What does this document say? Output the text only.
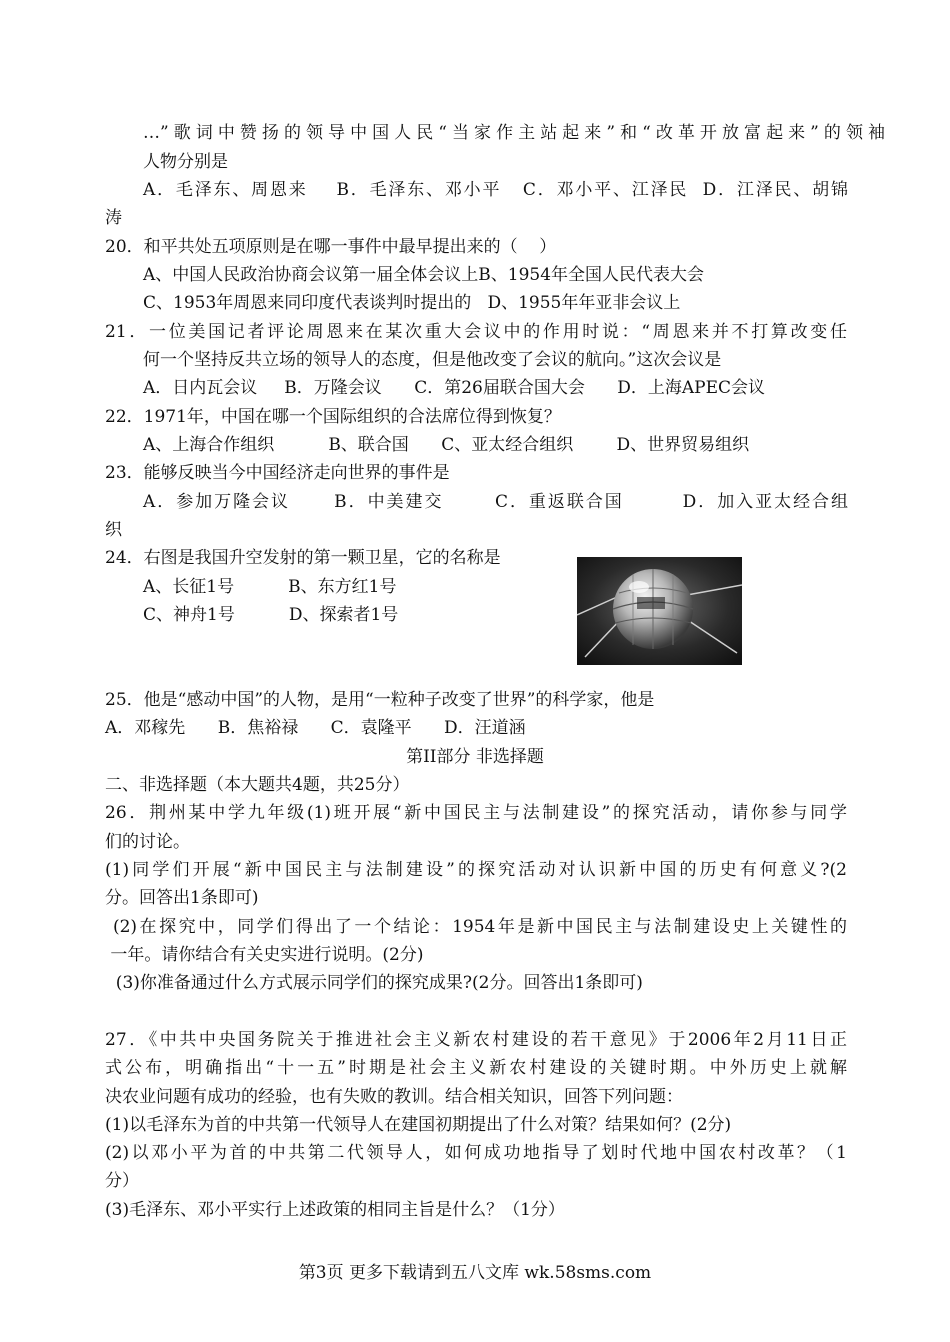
…”歌词中赞扬的领导中国人民“当家作主站起来”和“改革开放富起来”的领袖
人物分别是
A．毛泽东、周恩来    B．毛泽东、邓小平   C．邓小平、江泽民  D．江泽民、胡锦
涛
20．和平共处五项原则是在哪一事件中最早提出来的（    ）
A、中国人民政治协商会议第一届全体会议上B、1954年全国人民代表大会
C、1953年周恩来同印度代表谈判时提出的   D、1955年年亚非会议上
21．一位美国记者评论周恩来在某次重大会议中的作用时说：“周恩来并不打算改变任
何一个坚持反共立场的领导人的态度，但是他改变了会议的航向。”这次会议是
A．日内瓦会议     B．万隆会议      C．第26届联合国大会      D．上海APEC会议
22．1971年，中国在哪一个国际组织的合法席位得到恢复？
A、上海合作组织          B、联合国      C、亚太经合组织        D、世界贸易组织
23．能够反映当今中国经济走向世界的事件是
A．参加万隆会议      B．中美建交       C．重返联合国        D．加入亚太经合组
织
24．右图是我国升空发射的第一颗卫星，它的名称是
A、长征1号          B、东方红1号
C、神舟1号          D、探索者1号
25．他是“感动中国”的人物，是用“一粒种子改变了世界”的科学家，他是
A．邓稼先      B．焦裕禄      C．袁隆平      D．汪道涵
第II部分 非选择题
二、非选择题（本大题共4题，共25分）
26．荆州某中学九年级(1)班开展“新中国民主与法制建设”的探究活动，请你参与同学
们的讨论。
(1)同学们开展“新中国民主与法制建设”的探究活动对认识新中国的历史有何意义?(2
分。回答出1条即可)
(2)在探究中，同学们得出了一个结论：1954年是新中国民主与法制建设史上关键性的
一年。请你结合有关史实进行说明。(2分)
(3)你准备通过什么方式展示同学们的探究成果?(2分。回答出1条即可)
27．《中共中央国务院关于推进社会主义新农村建设的若干意见》于2006年2月11日正
式公布，明确指出“十一五”时期是社会主义新农村建设的关键时期。中外历史上就解
决农业问题有成功的经验，也有失败的教训。结合相关知识，回答下列问题：
(1)以毛泽东为首的中共第一代领导人在建国初期提出了什么对策？结果如何？(2分)
(2)以邓小平为首的中共第二代领导人，如何成功地指导了划时代地中国农村改革？（1
分）
(3)毛泽东、邓小平实行上述政策的相同主旨是什么？（1分）
第3页 更多下载请到五八文库 wk.58sms.com
